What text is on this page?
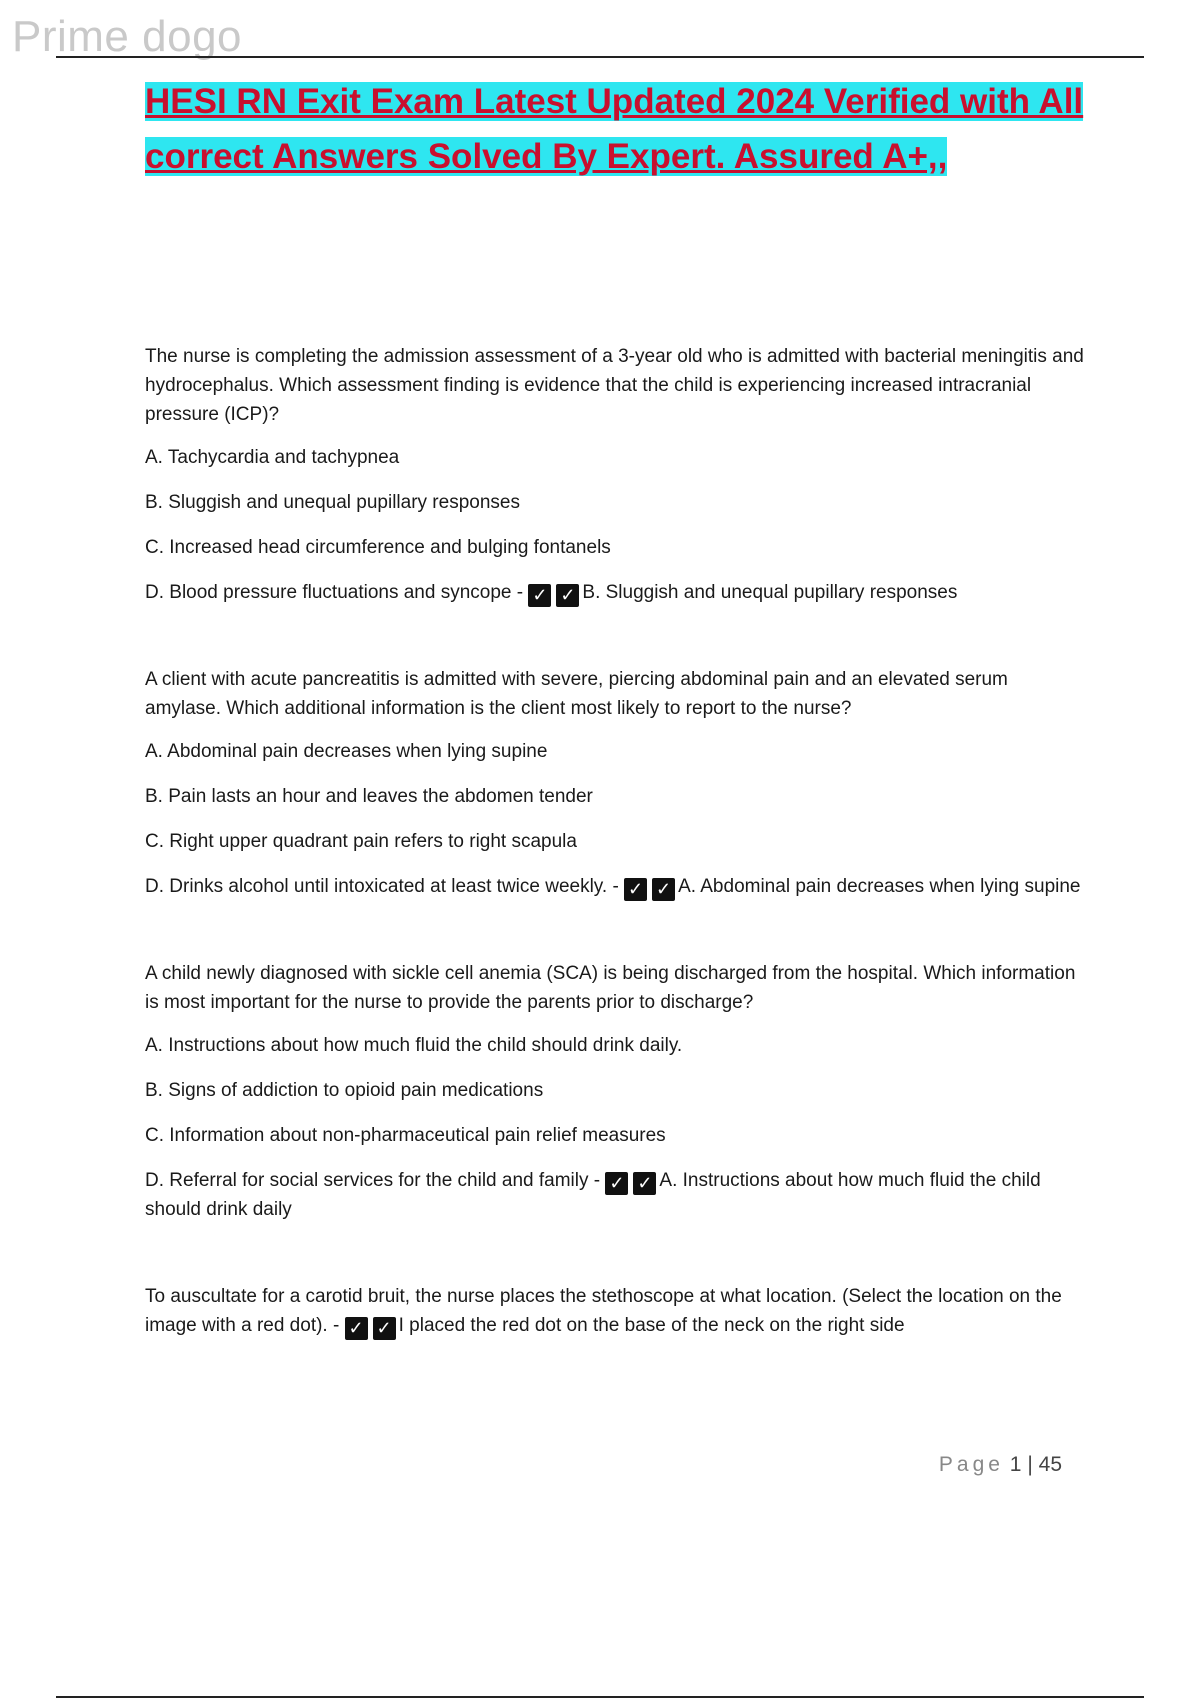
Prime dogo
HESI RN Exit Exam Latest Updated 2024 Verified with All
correct Answers Solved By Expert. Assured A+,,

The nurse is completing the admission assessment of a 3-year old who is admitted with bacterial meningitis and hydrocephalus. Which assessment finding is evidence that the child is experiencing increased intracranial pressure (ICP)?

A. Tachycardia and tachypnea

B. Sluggish and unequal pupillary responses

C. Increased head circumference and bulging fontanels

D. Blood pressure fluctuations and syncope - ✓ ✓ B. Sluggish and unequal pupillary responses

A client with acute pancreatitis is admitted with severe, piercing abdominal pain and an elevated serum amylase. Which additional information is the client most likely to report to the nurse?

A. Abdominal pain decreases when lying supine

B. Pain lasts an hour and leaves the abdomen tender

C. Right upper quadrant pain refers to right scapula

D. Drinks alcohol until intoxicated at least twice weekly. - ✓ ✓ A. Abdominal pain decreases when lying supine

A child newly diagnosed with sickle cell anemia (SCA) is being discharged from the hospital. Which information is most important for the nurse to provide the parents prior to discharge?

A. Instructions about how much fluid the child should drink daily.

B. Signs of addiction to opioid pain medications

C. Information about non-pharmaceutical pain relief measures

D. Referral for social services for the child and family - ✓ ✓ A. Instructions about how much fluid the child should drink daily

To auscultate for a carotid bruit, the nurse places the stethoscope at what location. (Select the location on the image with a red dot). - ✓ ✓ I placed the red dot on the base of the neck on the right side

Page 1 | 45
